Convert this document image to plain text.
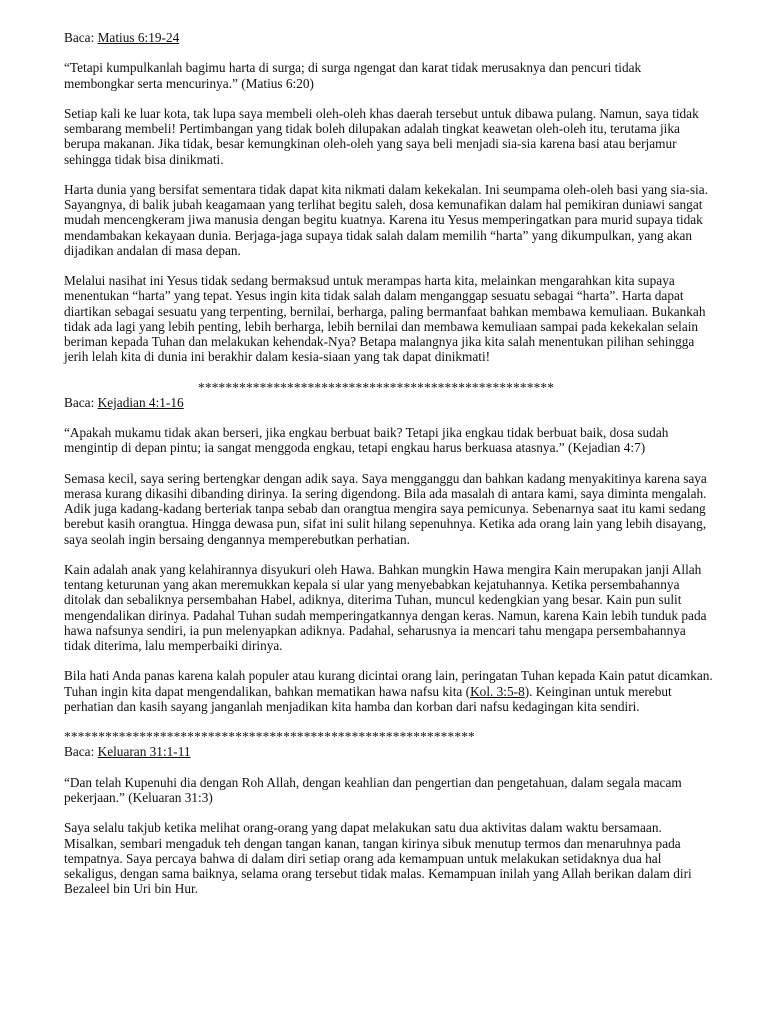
Baca: Matius 6:19-24

“Tetapi kumpulkanlah bagimu harta di surga; di surga ngengat dan karat tidak merusaknya dan pencuri tidak membongkar serta mencurinya.” (Matius 6:20)

Setiap kali ke luar kota, tak lupa saya membeli oleh-oleh khas daerah tersebut untuk dibawa pulang. Namun, saya tidak sembarang membeli! Pertimbangan yang tidak boleh dilupakan adalah tingkat keawetan oleh-oleh itu, terutama jika berupa makanan. Jika tidak, besar kemungkinan oleh-oleh yang saya beli menjadi sia-sia karena basi atau berjamur sehingga tidak bisa dinikmati.

Harta dunia yang bersifat sementara tidak dapat kita nikmati dalam kekekalan. Ini seumpama oleh-oleh basi yang sia-sia. Sayangnya, di balik jubah keagamaan yang terlihat begitu saleh, dosa kemunafikan dalam hal pemikiran duniawi sangat mudah mencengkeram jiwa manusia dengan begitu kuatnya. Karena itu Yesus memperingatkan para murid supaya tidak mendambakan kekayaan dunia. Berjaga-jaga supaya tidak salah dalam memilih “harta” yang dikumpulkan, yang akan dijadikan andalan di masa depan.

Melalui nasihat ini Yesus tidak sedang bermaksud untuk merampas harta kita, melainkan mengarahkan kita supaya menentukan “harta” yang tepat. Yesus ingin kita tidak salah dalam menganggap sesuatu sebagai “harta”. Harta dapat diartikan sebagai sesuatu yang terpenting, bernilai, berharga, paling bermanfaat bahkan membawa kemuliaan. Bukankah tidak ada lagi yang lebih penting, lebih berharga, lebih bernilai dan membawa kemuliaan sampai pada kekekalan selain beriman kepada Tuhan dan melakukan kehendak-Nya? Betapa malangnya jika kita salah menentukan pilihan sehingga jerih lelah kita di dunia ini berakhir dalam kesia-siaan yang tak dapat dinikmati!

****************************************************

Baca: Kejadian 4:1-16

“Apakah mukamu tidak akan berseri, jika engkau berbuat baik? Tetapi jika engkau tidak berbuat baik, dosa sudah mengintip di depan pintu; ia sangat menggoda engkau, tetapi engkau harus berkuasa atasnya.” (Kejadian 4:7)

Semasa kecil, saya sering bertengkar dengan adik saya. Saya mengganggu dan bahkan kadang menyakitinya karena saya merasa kurang dikasihi dibanding dirinya. Ia sering digendong. Bila ada masalah di antara kami, saya diminta mengalah. Adik juga kadang-kadang berteriak tanpa sebab dan orangtua mengira saya pemicunya. Sebenarnya saat itu kami sedang berebut kasih orangtua. Hingga dewasa pun, sifat ini sulit hilang sepenuhnya. Ketika ada orang lain yang lebih disayang, saya seolah ingin bersaing dengannya memperebutkan perhatian.

Kain adalah anak yang kelahirannya disyukuri oleh Hawa. Bahkan mungkin Hawa mengira Kain merupakan janji Allah tentang keturunan yang akan meremukkan kepala si ular yang menyebabkan kejatuhannya. Ketika persembahannya ditolak dan sebaliknya persembahan Habel, adiknya, diterima Tuhan, muncul kedengkian yang besar. Kain pun sulit mengendalikan dirinya. Padahal Tuhan sudah memperingatkannya dengan keras. Namun, karena Kain lebih tunduk pada hawa nafsunya sendiri, ia pun melenyapkan adiknya. Padahal, seharusnya ia mencari tahu mengapa persembahannya tidak diterima, lalu memperbaiki dirinya.

Bila hati Anda panas karena kalah populer atau kurang dicintai orang lain, peringatan Tuhan kepada Kain patut dicamkan. Tuhan ingin kita dapat mengendalikan, bahkan mematikan hawa nafsu kita (Kol. 3:5-8). Keinginan untuk merebut perhatian dan kasih sayang janganlah menjadikan kita hamba dan korban dari nafsu kedagingan kita sendiri.

************************************************************

Baca: Keluaran 31:1-11

“Dan telah Kupenuhi dia dengan Roh Allah, dengan keahlian dan pengertian dan pengetahuan, dalam segala macam pekerjaan.” (Keluaran 31:3)

Saya selalu takjub ketika melihat orang-orang yang dapat melakukan satu dua aktivitas dalam waktu bersamaan. Misalkan, sembari mengaduk teh dengan tangan kanan, tangan kirinya sibuk menutup termos dan menaruhnya pada tempatnya. Saya percaya bahwa di dalam diri setiap orang ada kemampuan untuk melakukan setidaknya dua hal sekaligus, dengan sama baiknya, selama orang tersebut tidak malas. Kemampuan inilah yang Allah berikan dalam diri Bezaleel bin Uri bin Hur.
